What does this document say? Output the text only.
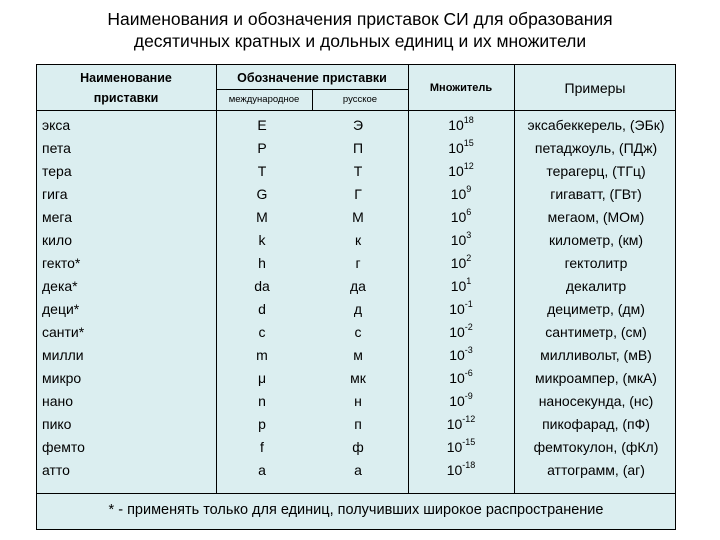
Наименования и обозначения приставок СИ для образования
десятичных кратных и дольных единиц и их множители
Наименование
приставки
Обозначение приставки
международное	русское
Множитель	Примеры
экса	E	Э	$10^{18}$	эксабеккерель, (ЭБк)
пета	P	П	$10^{15}$	петаджоуль, (ПДж)
тера	T	Т	$10^{12}$	терагерц, (ТГц)
гига	G	Г	$10^9$	гигаватт, (ГВт)
мега	M	М	$10^6$	мегаом, (МОм)
кило	k	к	$10^3$	километр, (км)
гекто*	h	г	$10^2$	гектолитр
дека*	da	да	$10^1$	декалитр
деци*	d	д	$10^{-1}$	дециметр, (дм)
санти*	c	с	$10^{-2}$	сантиметр, (см)
милли	m	м	$10^{-3}$	милливольт, (мВ)
микро	μ	мк	$10^{-6}$	микроампер, (мкА)
нано	n	н	$10^{-9}$	наносекунда, (нс)
пико	p	п	$10^{-12}$	пикофарад, (пФ)
фемто	f	ф	$10^{-15}$	фемтокулон, (фКл)
атто	a	а	$10^{-18}$	аттограмм, (аг)
* - применять только для единиц, получивших широкое распространение
